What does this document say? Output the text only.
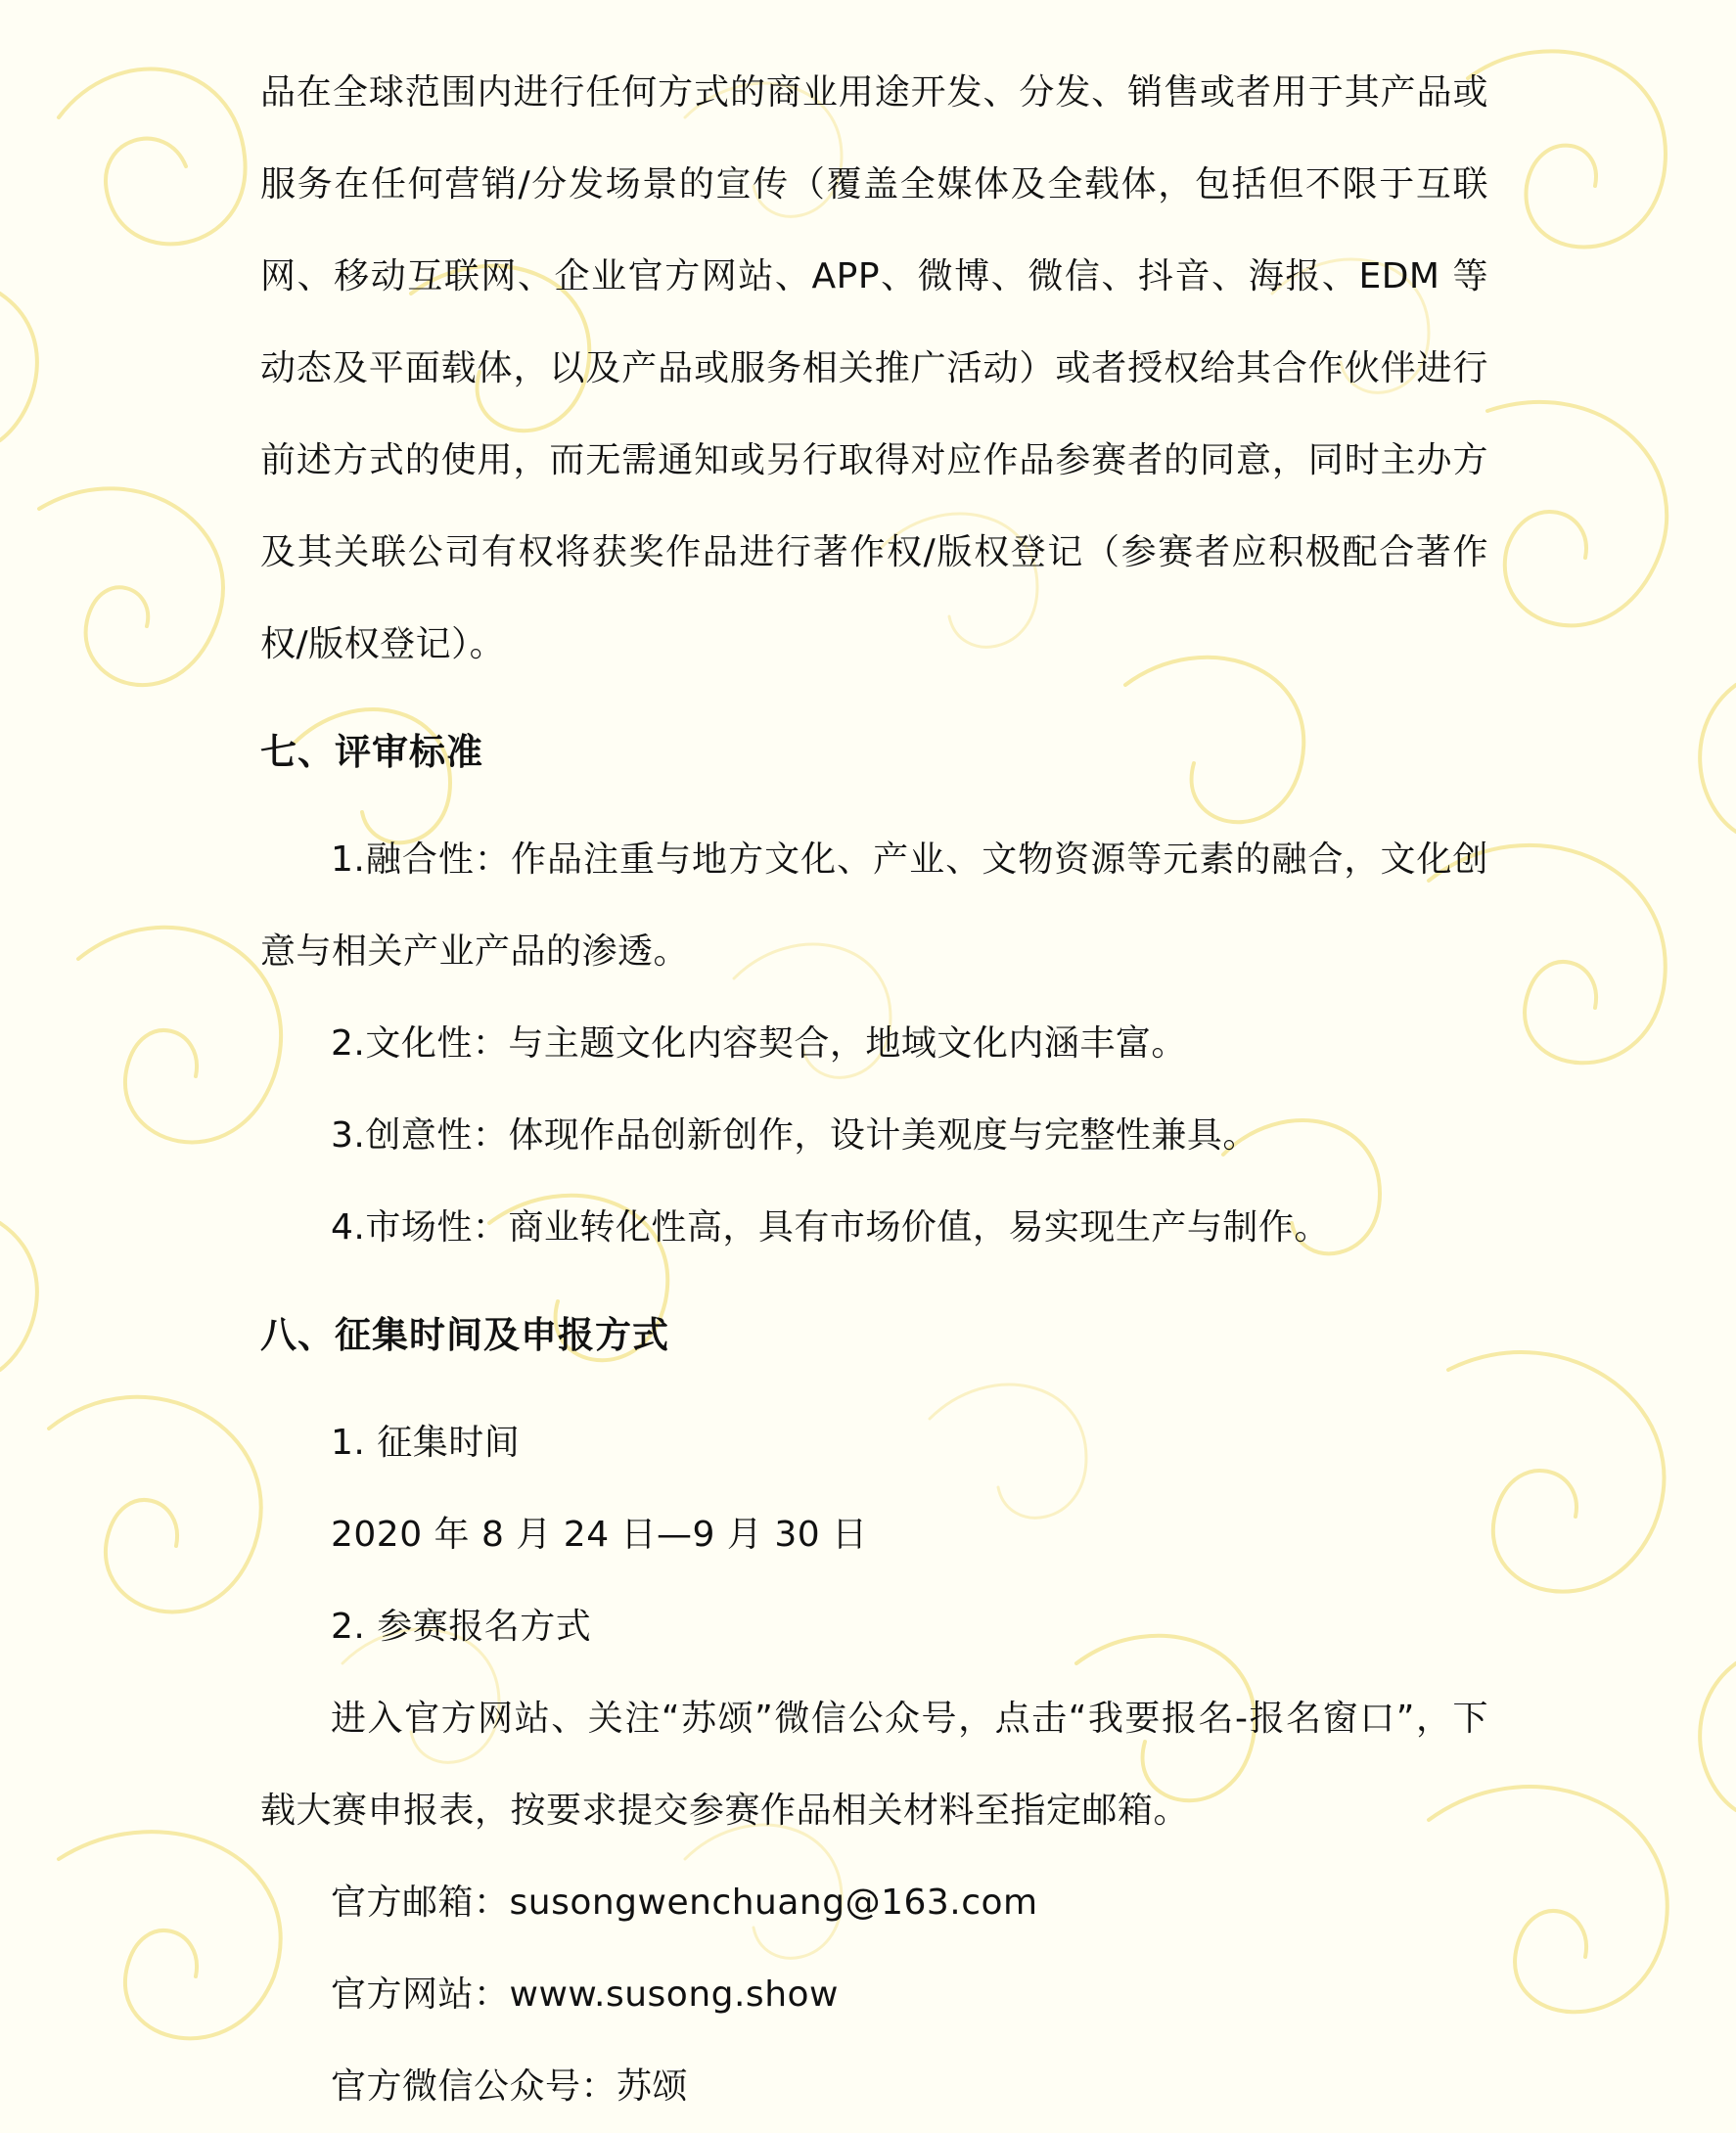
品在全球范围内进行任何方式的商业用途开发、分发、销售或者用于其产品或服务在任何营销/分发场景的宣传（覆盖全媒体及全载体，包括但不限于互联网、移动互联网、企业官方网站、APP、微博、微信、抖音、海报、EDM 等动态及平面载体，以及产品或服务相关推广活动）或者授权给其合作伙伴进行前述方式的使用，而无需通知或另行取得对应作品参赛者的同意，同时主办方及其关联公司有权将获奖作品进行著作权/版权登记（参赛者应积极配合著作权/版权登记）。

七、评审标准

1.融合性：作品注重与地方文化、产业、文物资源等元素的融合，文化创意与相关产业产品的渗透。

2.文化性：与主题文化内容契合，地域文化内涵丰富。

3.创意性：体现作品创新创作，设计美观度与完整性兼具。

4.市场性：商业转化性高，具有市场价值，易实现生产与制作。

八、征集时间及申报方式

1. 征集时间

2020 年 8 月 24 日—9 月 30 日

2. 参赛报名方式

进入官方网站、关注“苏颂”微信公众号，点击“我要报名-报名窗口”，下载大赛申报表，按要求提交参赛作品相关材料至指定邮箱。

官方邮箱：susongwenchuang@163.com

官方网站：www.susong.show

官方微信公众号：苏颂
